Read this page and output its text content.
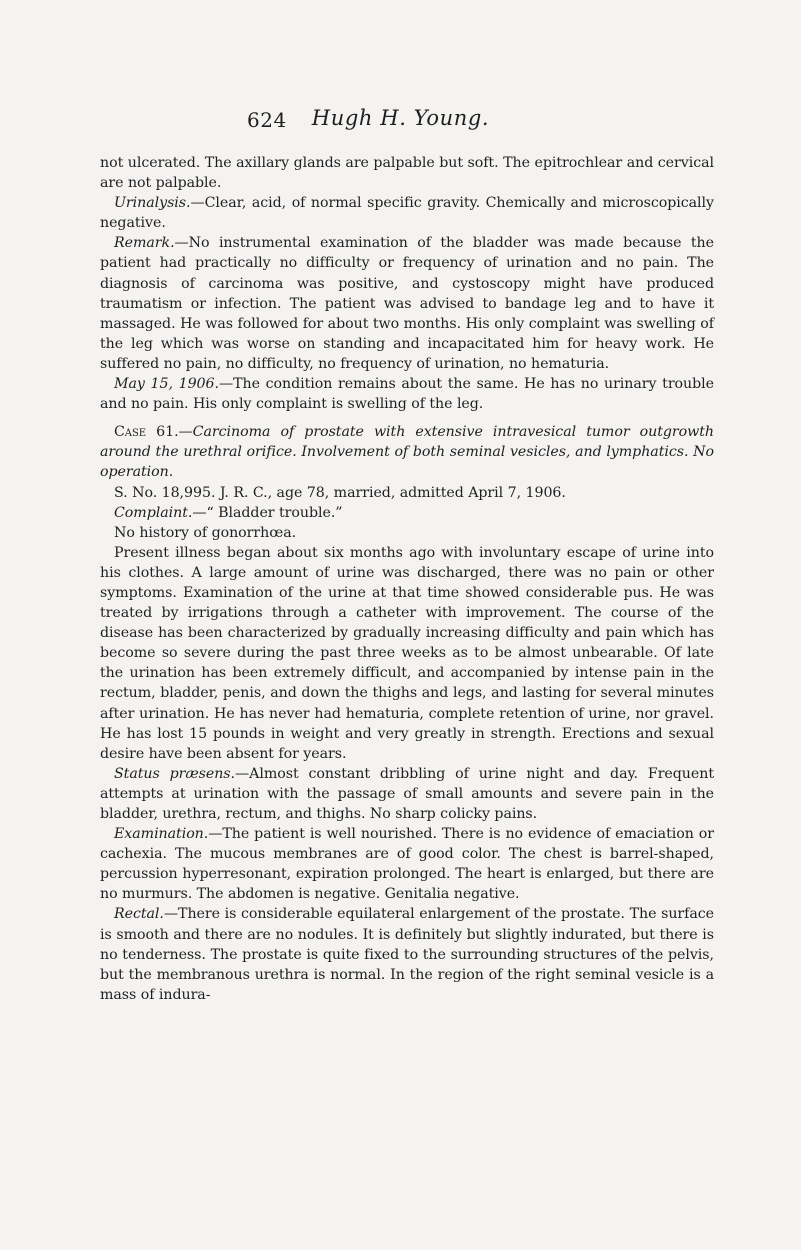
624	Hugh H. Young.

not ulcerated. The axillary glands are palpable but soft. The epitrochlear and cervical are not palpable.

Urinalysis.—Clear, acid, of normal specific gravity. Chemically and microscopically negative.

Remark.—No instrumental examination of the bladder was made because the patient had practically no difficulty or frequency of urination and no pain. The diagnosis of carcinoma was positive, and cystoscopy might have produced traumatism or infection. The patient was advised to bandage leg and to have it massaged. He was followed for about two months. His only complaint was swelling of the leg which was worse on standing and incapacitated him for heavy work. He suffered no pain, no difficulty, no frequency of urination, no hematuria.

May 15, 1906.—The condition remains about the same. He has no urinary trouble and no pain. His only complaint is swelling of the leg.

Case 61.—Carcinoma of prostate with extensive intravesical tumor outgrowth around the urethral orifice. Involvement of both seminal vesicles, and lymphatics. No operation.

S. No. 18,995. J. R. C., age 78, married, admitted April 7, 1906.

Complaint.—“ Bladder trouble.”

No history of gonorrhœa.

Present illness began about six months ago with involuntary escape of urine into his clothes. A large amount of urine was discharged, there was no pain or other symptoms. Examination of the urine at that time showed considerable pus. He was treated by irrigations through a catheter with improvement. The course of the disease has been characterized by gradually increasing difficulty and pain which has become so severe during the past three weeks as to be almost unbearable. Of late the urination has been extremely difficult, and accompanied by intense pain in the rectum, bladder, penis, and down the thighs and legs, and lasting for several minutes after urination. He has never had hematuria, complete retention of urine, nor gravel. He has lost 15 pounds in weight and very greatly in strength. Erections and sexual desire have been absent for years.

Status præsens.—Almost constant dribbling of urine night and day. Frequent attempts at urination with the passage of small amounts and severe pain in the bladder, urethra, rectum, and thighs. No sharp colicky pains.

Examination.—The patient is well nourished. There is no evidence of emaciation or cachexia. The mucous membranes are of good color. The chest is barrel-shaped, percussion hyperresonant, expiration prolonged. The heart is enlarged, but there are no murmurs. The abdomen is negative. Genitalia negative.

Rectal.—There is considerable equilateral enlargement of the prostate. The surface is smooth and there are no nodules. It is definitely but slightly indurated, but there is no tenderness. The prostate is quite fixed to the surrounding structures of the pelvis, but the membranous urethra is normal. In the region of the right seminal vesicle is a mass of indura-
